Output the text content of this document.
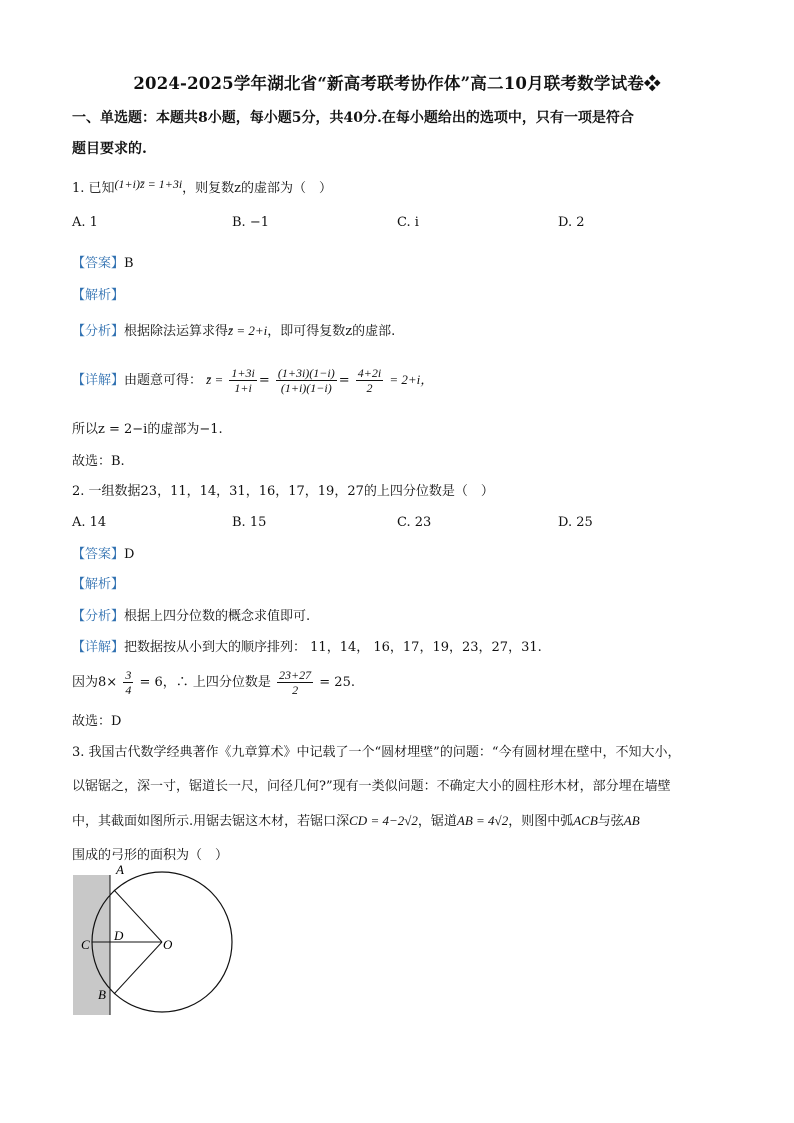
2024-2025学年湖北省“新高考联考协作体”高二10月联考数学试卷❖
一、单选题：本题共8小题，每小题5分，共40分.在每小题给出的选项中，只有一项是符合
题目要求的.
1. 已知(1+i)z̄ = 1+3i，则复数z的虚部为（　）
A. 1	B. −1	C. i	D. 2
【答案】B
【解析】
【分析】根据除法运算求得z̄ = 2+i，即可得复数z的虚部.
【详解】由题意可得： z̄ = $\frac{1+3i}{1+i} = \frac{(1+3i)(1-i)}{(1+i)(1-i)} = \frac{4+2i}{2} = 2+i$，
所以z = 2−i的虚部为−1.
故选：B.
2. 一组数据23，11，14，31，16，17，19，27的上四分位数是（　）
A. 14	B. 15	C. 23	D. 25
【答案】D
【解析】
【分析】根据上四分位数的概念求值即可.
【详解】把数据按从小到大的顺序排列： 11，14， 16，17，19，23，27，31.
因为$8\times \frac{3}{4} = 6$，∴ 上四分位数是 $\frac{23+27}{2} = 25$.
故选：D
3. 我国古代数学经典著作《九章算术》中记载了一个“圆材埋壁”的问题：“今有圆材埋在壁中，不知大小，
以锯锯之，深一寸，锯道长一尺，问径几何?”现有一类似问题：不确定大小的圆柱形木材，部分埋在墙壁
中，其截面如图所示.用锯去锯这木材，若锯口深CD = 4−2√2，锯道AB = 4√2，则图中弧ACB与弦AB
围成的弓形的面积为（　）
A
B
C
D
O
